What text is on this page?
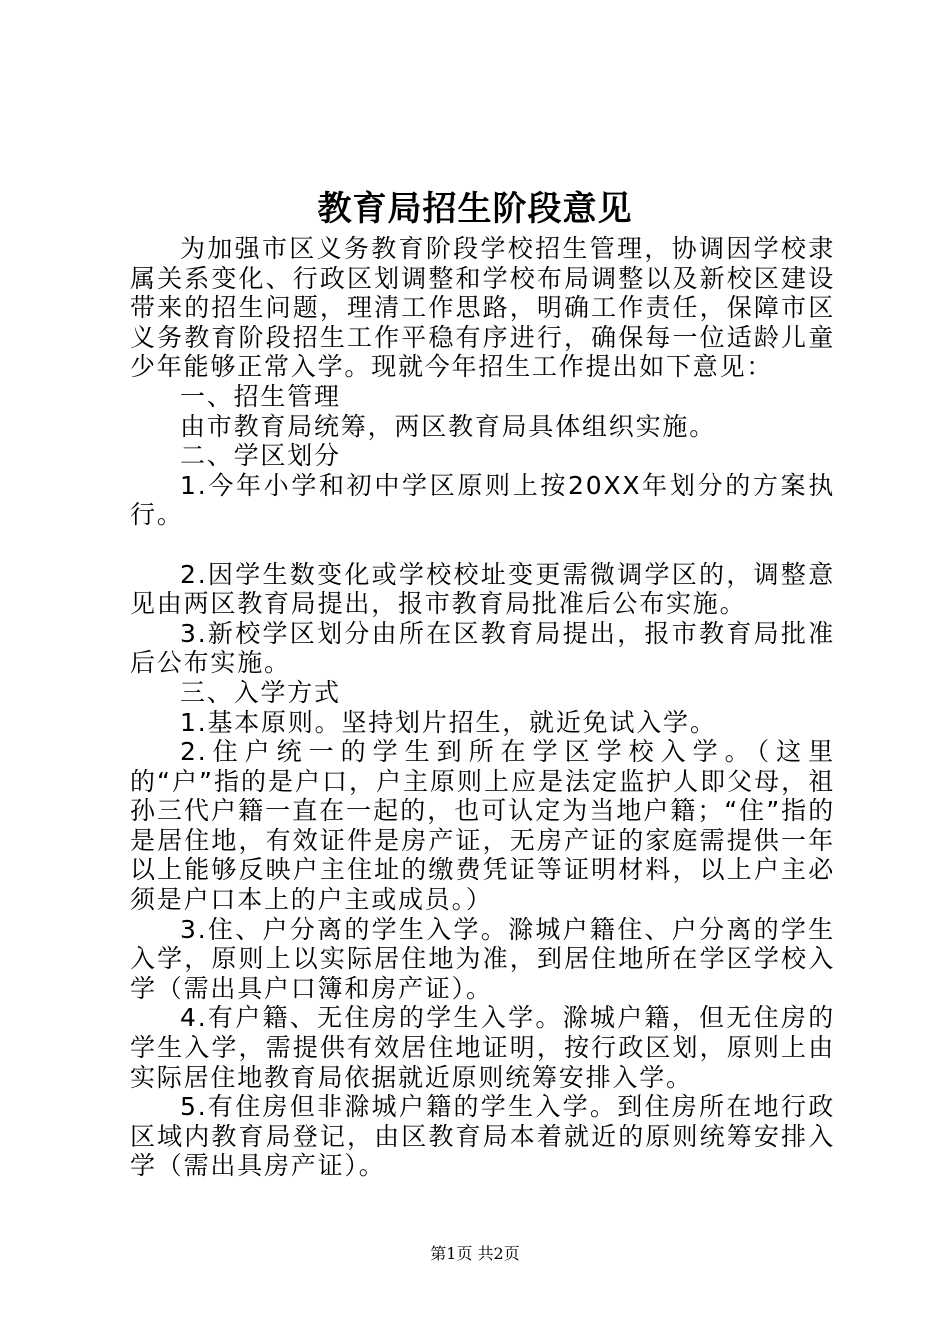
教育局招生阶段意见

为加强市区义务教育阶段学校招生管理，协调因学校隶属关系变化、行政区划调整和学校布局调整以及新校区建设带来的招生问题，理清工作思路，明确工作责任，保障市区义务教育阶段招生工作平稳有序进行，确保每一位适龄儿童少年能够正常入学。现就今年招生工作提出如下意见：

一、招生管理

由市教育局统筹，两区教育局具体组织实施。

二、学区划分

1.今年小学和初中学区原则上按20XX年划分的方案执行。

2.因学生数变化或学校校址变更需微调学区的，调整意见由两区教育局提出，报市教育局批准后公布实施。

3.新校学区划分由所在区教育局提出，报市教育局批准后公布实施。

三、入学方式

1.基本原则。坚持划片招生，就近免试入学。

2.住户统一的学生到所在学区学校入学。（这里的“户”指的是户口，户主原则上应是法定监护人即父母，祖孙三代户籍一直在一起的，也可认定为当地户籍；“住”指的是居住地，有效证件是房产证，无房产证的家庭需提供一年以上能够反映户主住址的缴费凭证等证明材料，以上户主必须是户口本上的户主或成员。）

3.住、户分离的学生入学。滁城户籍住、户分离的学生入学，原则上以实际居住地为准，到居住地所在学区学校入学（需出具户口簿和房产证）。

4.有户籍、无住房的学生入学。滁城户籍，但无住房的学生入学，需提供有效居住地证明，按行政区划，原则上由实际居住地教育局依据就近原则统筹安排入学。

5.有住房但非滁城户籍的学生入学。到住房所在地行政区域内教育局登记，由区教育局本着就近的原则统筹安排入学（需出具房产证）。

第1页 共2页
